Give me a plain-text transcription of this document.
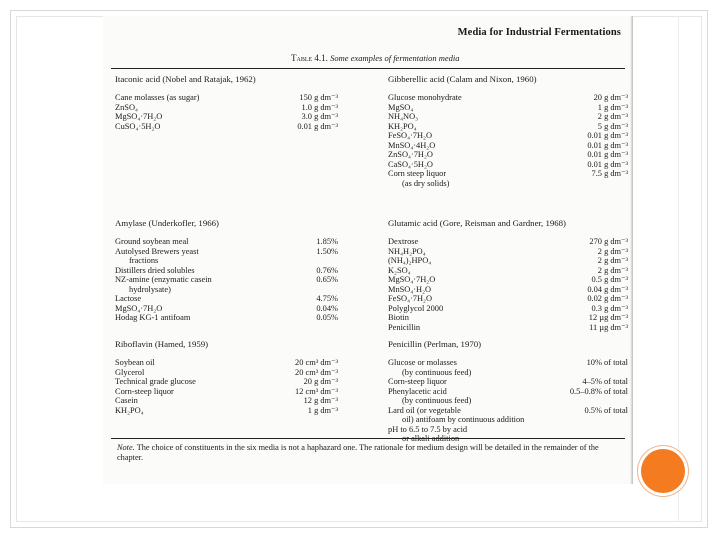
Media for Industrial Fermentations
Table 4.1. Some examples of fermentation media
Itaconic acid (Nobel and Ratajak, 1962)
Cane molasses (as sugar)	150 g dm⁻³
ZnSO₄	1.0 g dm⁻³
MgSO₄·7H₂O	3.0 g dm⁻³
CuSO₄·5H₂O	0.01 g dm⁻³
Amylase (Underkofler, 1966)
Ground soybean meal	1.85%
Autolysed Brewers yeast	1.50%
fractions
Distillers dried solubles	0.76%
NZ-amine (enzymatic casein	0.65%
hydrolysate)
Lactose	4.75%
MgSO₄·7H₂O	0.04%
Hodag KG-1 antifoam	0.05%
Riboflavin (Hamed, 1959)
Soybean oil	20 cm³ dm⁻³
Glycerol	20 cm³ dm⁻³
Technical grade glucose	20 g dm⁻³
Corn-steep liquor	12 cm³ dm⁻³
Casein	12 g dm⁻³
KH₂PO₄	1 g dm⁻³
Gibberellic acid (Calam and Nixon, 1960)
Glucose monohydrate	20 g dm⁻³
MgSO₄	1 g dm⁻³
NH₄NO₃	2 g dm⁻³
KH₂PO₄	5 g dm⁻³
FeSO₄·7H₂O	0.01 g dm⁻³
MnSO₄·4H₂O	0.01 g dm⁻³
ZnSO₄·7H₂O	0.01 g dm⁻³
CaSO₄·5H₂O	0.01 g dm⁻³
Corn steep liquor	7.5 g dm⁻³
(as dry solids)
Glutamic acid (Gore, Reisman and Gardner, 1968)
Dextrose	270 g dm⁻³
NH₄H₂PO₄	2 g dm⁻³
(NH₄)₂HPO₄	2 g dm⁻³
K₂SO₄	2 g dm⁻³
MgSO₄·7H₂O	0.5 g dm⁻³
MnSO₄·H₂O	0.04 g dm⁻³
FeSO₄·7H₂O	0.02 g dm⁻³
Polyglycol 2000	0.3 g dm⁻³
Biotin	12 µg dm⁻³
Penicillin	11 µg dm⁻³
Penicillin (Perlman, 1970)
Glucose or molasses	10% of total
(by continuous feed)
Corn-steep liquor	4–5% of total
Phenylacetic acid	0.5–0.8% of total
(by continuous feed)
Lard oil (or vegetable	0.5% of total
oil) antifoam by continuous addition
pH to 6.5 to 7.5 by acid
Note. The choice of constituents in the six media is not a haphazard one. The rationale for medium design will be detailed in the remainder of the chapter.
